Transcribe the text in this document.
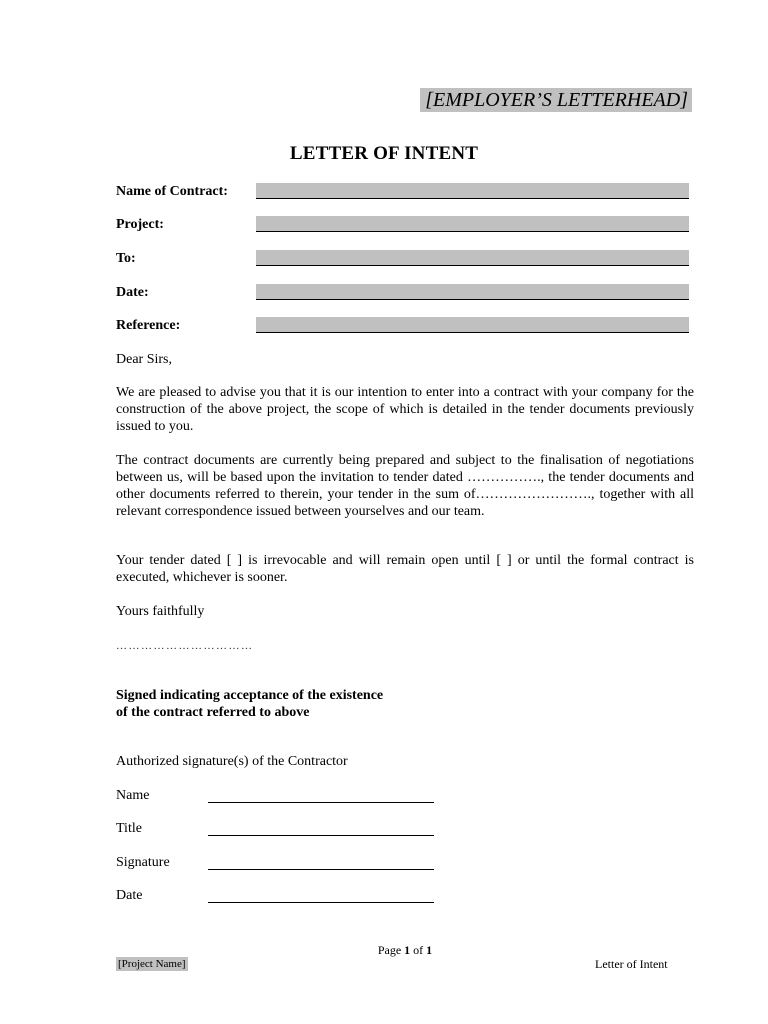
[EMPLOYER’S LETTERHEAD]
LETTER OF INTENT
Name of Contract:
Project:
To:
Date:
Reference:
Dear Sirs,

We are pleased to advise you that it is our intention to enter into a contract with your company for the construction of the above project, the scope of which is detailed in the tender documents previously issued to you.

The contract documents are currently being prepared and subject to the finalisation of negotiations between us, will be based upon the invitation to tender dated ……………., the tender documents and other documents referred to therein, your tender in the sum of……………………., together with all relevant correspondence issued between yourselves and our team.

Your tender dated [ ] is irrevocable and will remain open until [ ] or until the formal contract is executed, whichever is sooner.

Yours faithfully
……………………………
Signed indicating acceptance of the existence
of the contract referred to above
Authorized signature(s) of the Contractor
Name
Title
Signature
Date
Page 1 of 1
[Project Name]	Letter of Intent
